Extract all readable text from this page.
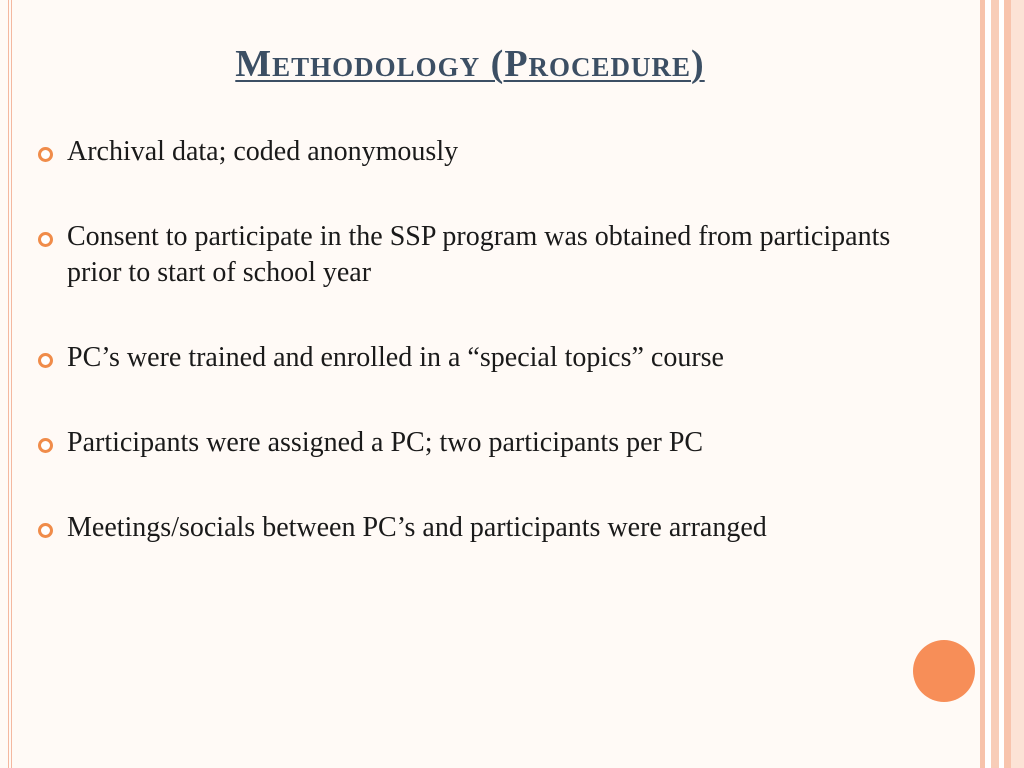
Methodology (Procedure)
Archival data; coded anonymously
Consent to participate in the SSP program was obtained from participants prior to start of school year
PC’s were trained and enrolled in a “special topics” course
Participants were assigned a PC; two participants per PC
Meetings/socials between PC’s and participants were arranged
